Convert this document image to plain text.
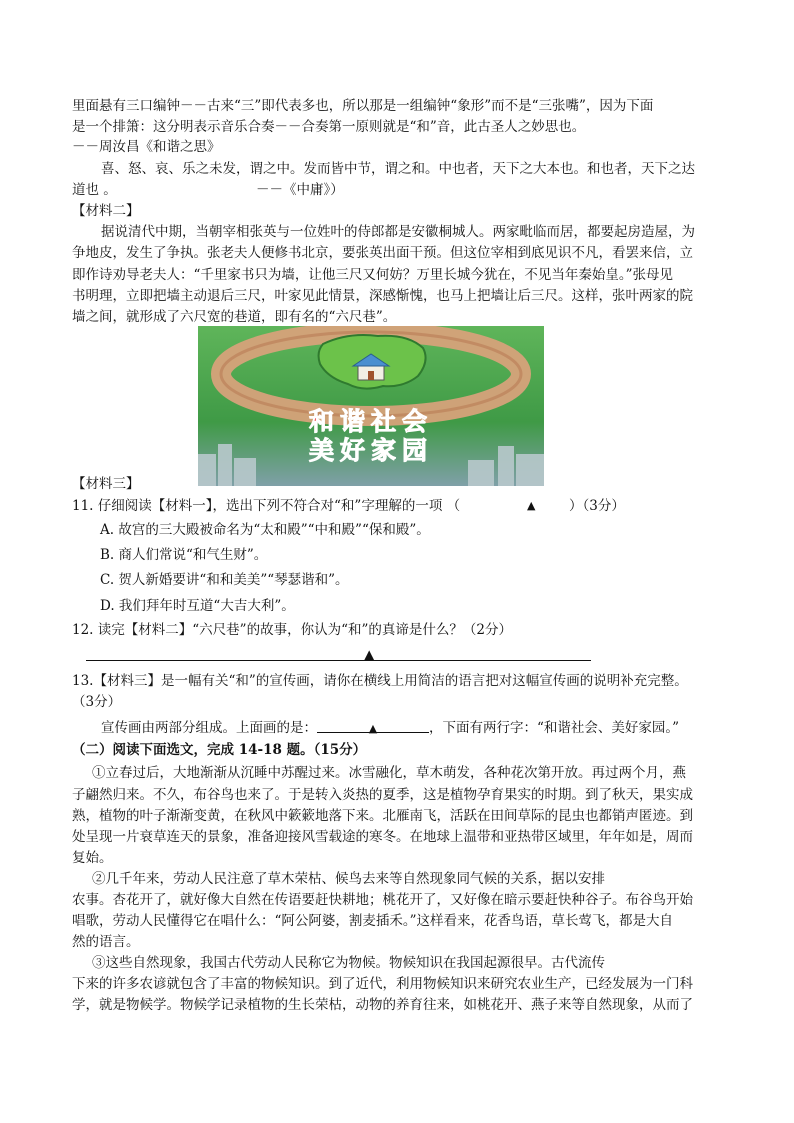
里面悬有三口编钟－－古来“三”即代表多也，所以那是一组编钟“象形”而不是“三张嘴”，因为下面
是一个排箫：这分明表示音乐合奏－－合奏第一原则就是“和”音，此古圣人之妙思也。
－－周汝昌《和谐之思》
喜、怒、哀、乐之未发，谓之中。发而皆中节，谓之和。中也者，天下之大本也。和也者，天下之达
道也 。	－－《中庸》）
【材料二】
据说清代中期，当朝宰相张英与一位姓叶的侍郎都是安徽桐城人。两家毗临而居，都要起房造屋，为
争地皮，发生了争执。张老夫人便修书北京，要张英出面干预。但这位宰相到底见识不凡，看罢来信，立
即作诗劝导老夫人：“千里家书只为墙，让他三尺又何妨？万里长城今犹在，不见当年秦始皇。”张母见
书明理，立即把墙主动退后三尺，叶家见此情景，深感惭愧，也马上把墙让后三尺。这样，张叶两家的院
墙之间，就形成了六尺宽的巷道，即有名的“六尺巷”。
和谐社会
美好家园
【材料三】
11. 仔细阅读【材料一】，选出下列不符合对“和”字理解的一项 （	▲ ）（3分）
A. 故宫的三大殿被命名为“太和殿”“中和殿”“保和殿”。
B. 商人们常说“和气生财”。
C. 贺人新婚要讲“和和美美”“琴瑟谐和”。
D. 我们拜年时互道“大吉大利”。
12. 读完【材料二】“六尺巷”的故事，你认为“和”的真谛是什么？（2分）
▲
13.【材料三】是一幅有关“和”的宣传画，请你在横线上用简洁的语言把对这幅宣传画的说明补充完整。
（3分）
宣传画由两部分组成。上面画的是：	▲	，下面有两行字：“和谐社会、美好家园。”
（二）阅读下面选文，完成 14-18 题。（15分）
①立春过后，大地渐渐从沉睡中苏醒过来。冰雪融化，草木萌发，各种花次第开放。再过两个月，燕
子翩然归来。不久，布谷鸟也来了。于是转入炎热的夏季，这是植物孕育果实的时期。到了秋天，果实成
熟，植物的叶子渐渐变黄，在秋风中簌簌地落下来。北雁南飞，活跃在田间草际的昆虫也都销声匿迹。到
处呈现一片衰草连天的景象，准备迎接风雪载途的寒冬。在地球上温带和亚热带区域里，年年如是，周而
复始。
②几千年来，劳动人民注意了草木荣枯、候鸟去来等自然现象同气候的关系，据以安排
农事。杏花开了，就好像大自然在传语要赶快耕地；桃花开了，又好像在暗示要赶快种谷子。布谷鸟开始
唱歌，劳动人民懂得它在唱什么：“阿公阿婆，割麦插禾。”这样看来，花香鸟语，草长莺飞，都是大自
然的语言。
③这些自然现象，我国古代劳动人民称它为物候。物候知识在我国起源很早。古代流传
下来的许多农谚就包含了丰富的物候知识。到了近代，利用物候知识来研究农业生产，已经发展为一门科
学，就是物候学。物候学记录植物的生长荣枯，动物的养育往来，如桃花开、燕子来等自然现象，从而了
